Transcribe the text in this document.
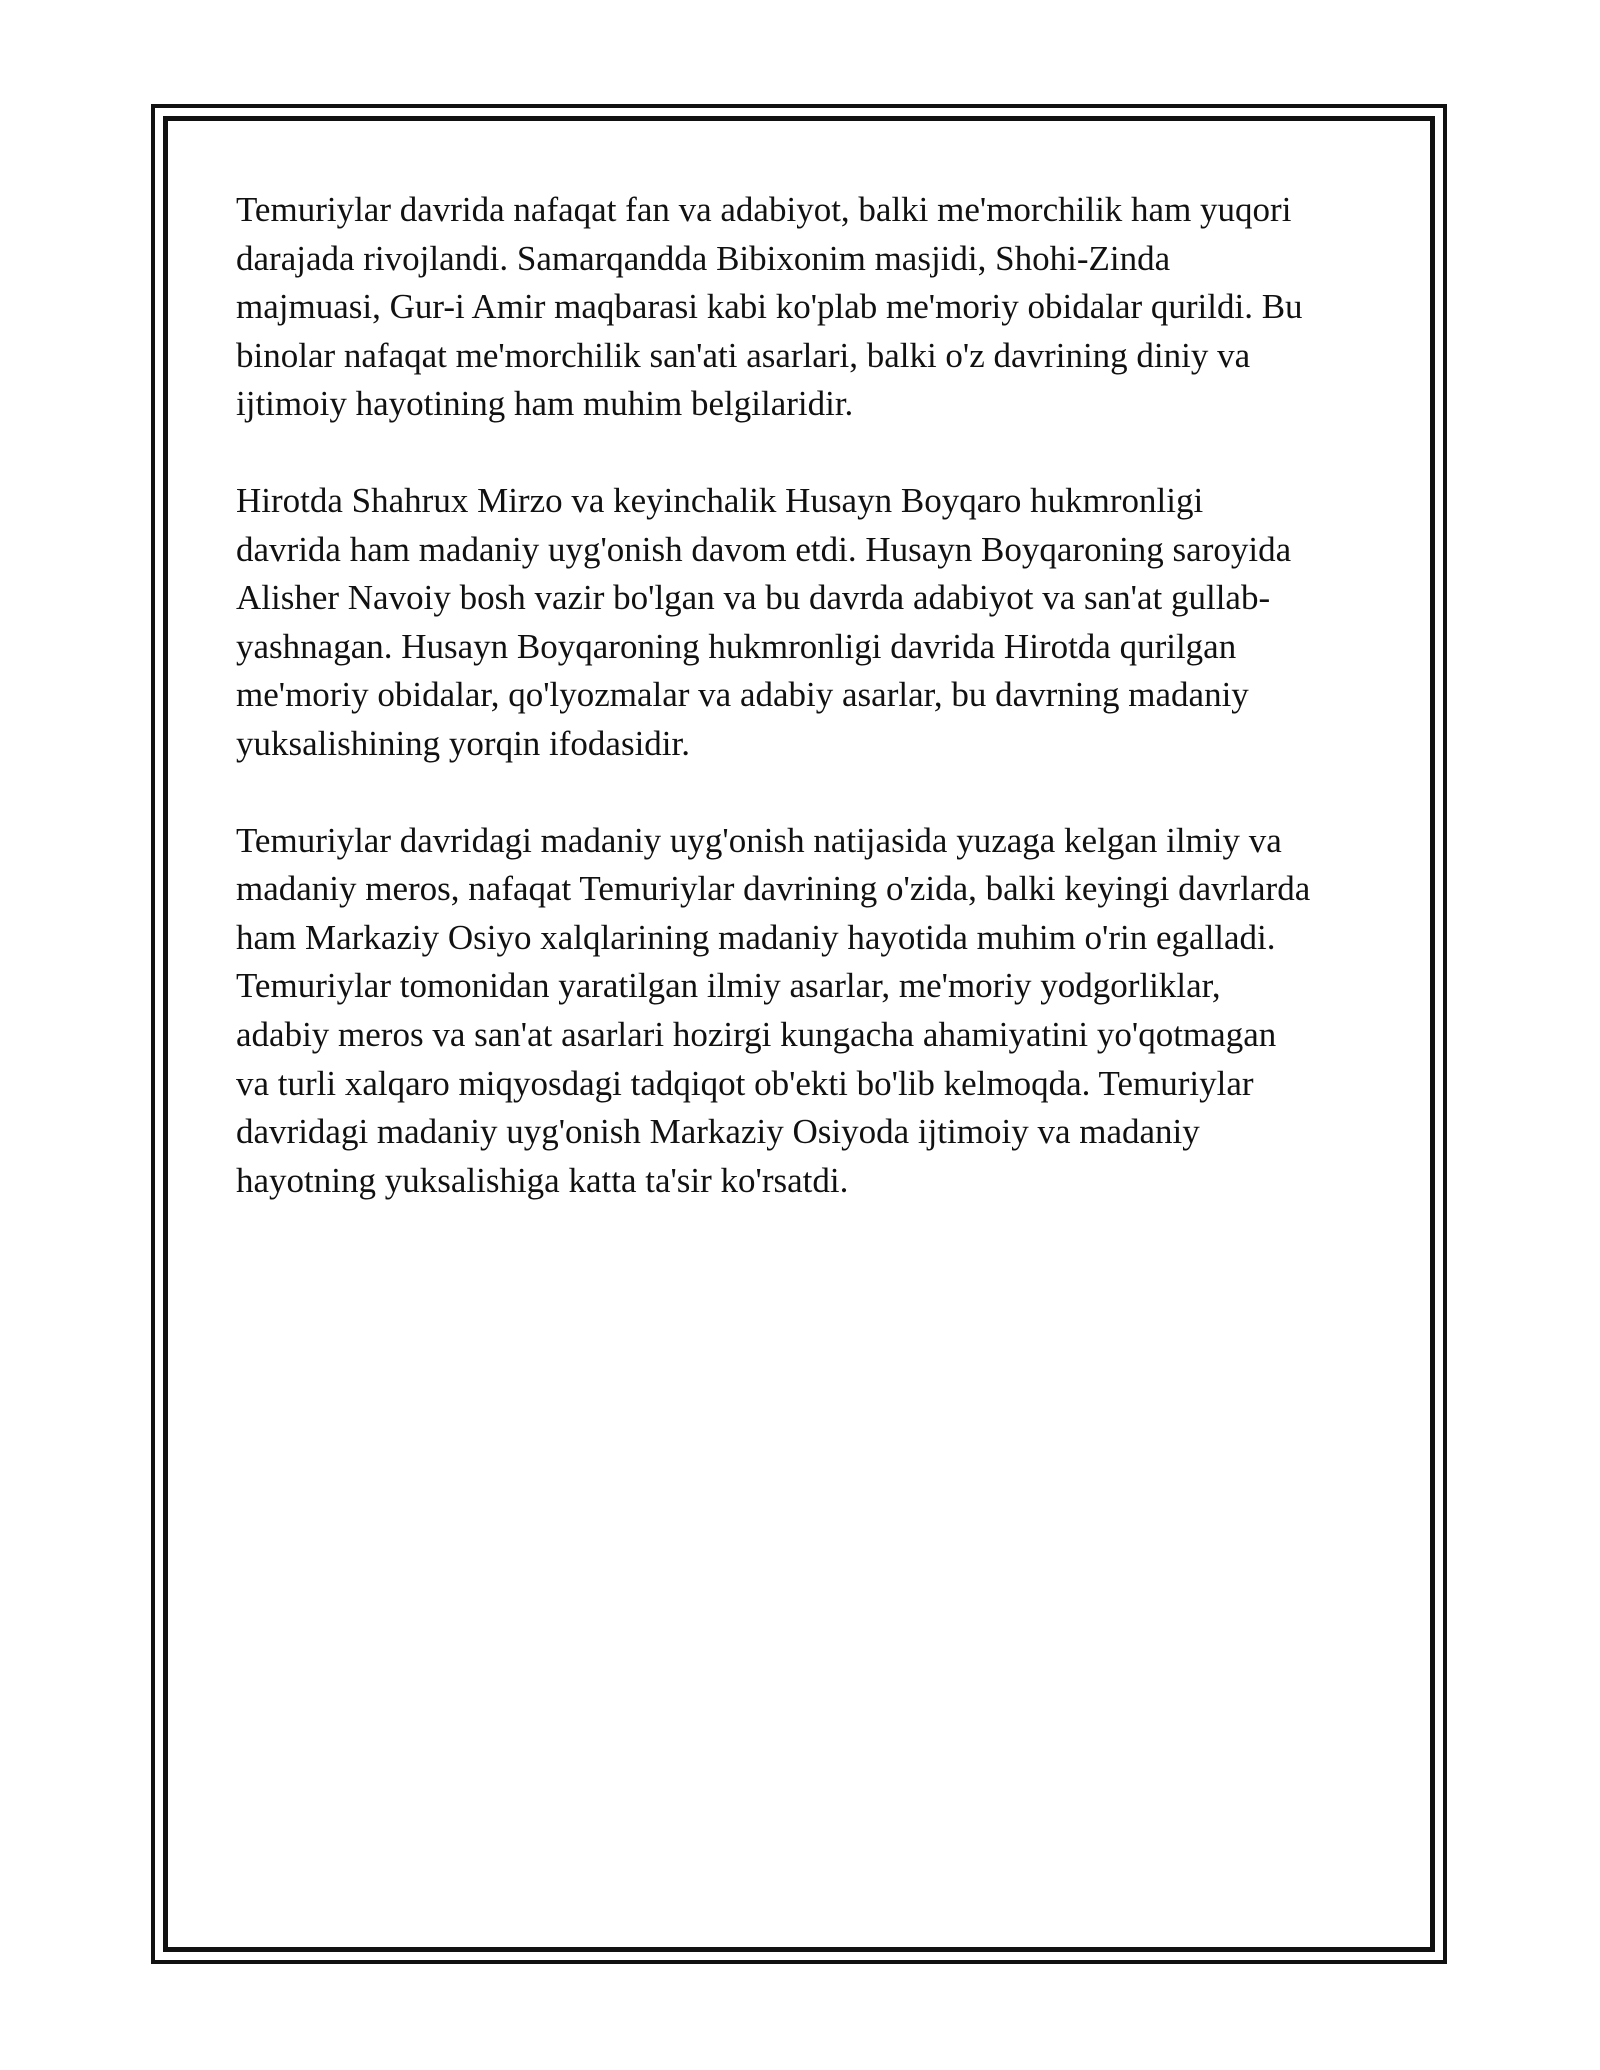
Temuriylar davrida nafaqat fan va adabiyot, balki me'morchilik ham yuqori
darajada rivojlandi. Samarqandda Bibixonim masjidi, Shohi-Zinda
majmuasi, Gur-i Amir maqbarasi kabi ko'plab me'moriy obidalar qurildi. Bu
binolar nafaqat me'morchilik san'ati asarlari, balki o'z davrining diniy va
ijtimoiy hayotining ham muhim belgilaridir.

Hirotda Shahrux Mirzo va keyinchalik Husayn Boyqaro hukmronligi
davrida ham madaniy uyg'onish davom etdi. Husayn Boyqaroning saroyida
Alisher Navoiy bosh vazir bo'lgan va bu davrda adabiyot va san'at gullab-
yashnagan. Husayn Boyqaroning hukmronligi davrida Hirotda qurilgan
me'moriy obidalar, qo'lyozmalar va adabiy asarlar, bu davrning madaniy
yuksalishining yorqin ifodasidir.

Temuriylar davridagi madaniy uyg'onish natijasida yuzaga kelgan ilmiy va
madaniy meros, nafaqat Temuriylar davrining o'zida, balki keyingi davrlarda
ham Markaziy Osiyo xalqlarining madaniy hayotida muhim o'rin egalladi.
Temuriylar tomonidan yaratilgan ilmiy asarlar, me'moriy yodgorliklar,
adabiy meros va san'at asarlari hozirgi kungacha ahamiyatini yo'qotmagan
va turli xalqaro miqyosdagi tadqiqot ob'ekti bo'lib kelmoqda. Temuriylar
davridagi madaniy uyg'onish Markaziy Osiyoda ijtimoiy va madaniy
hayotning yuksalishiga katta ta'sir ko'rsatdi.
